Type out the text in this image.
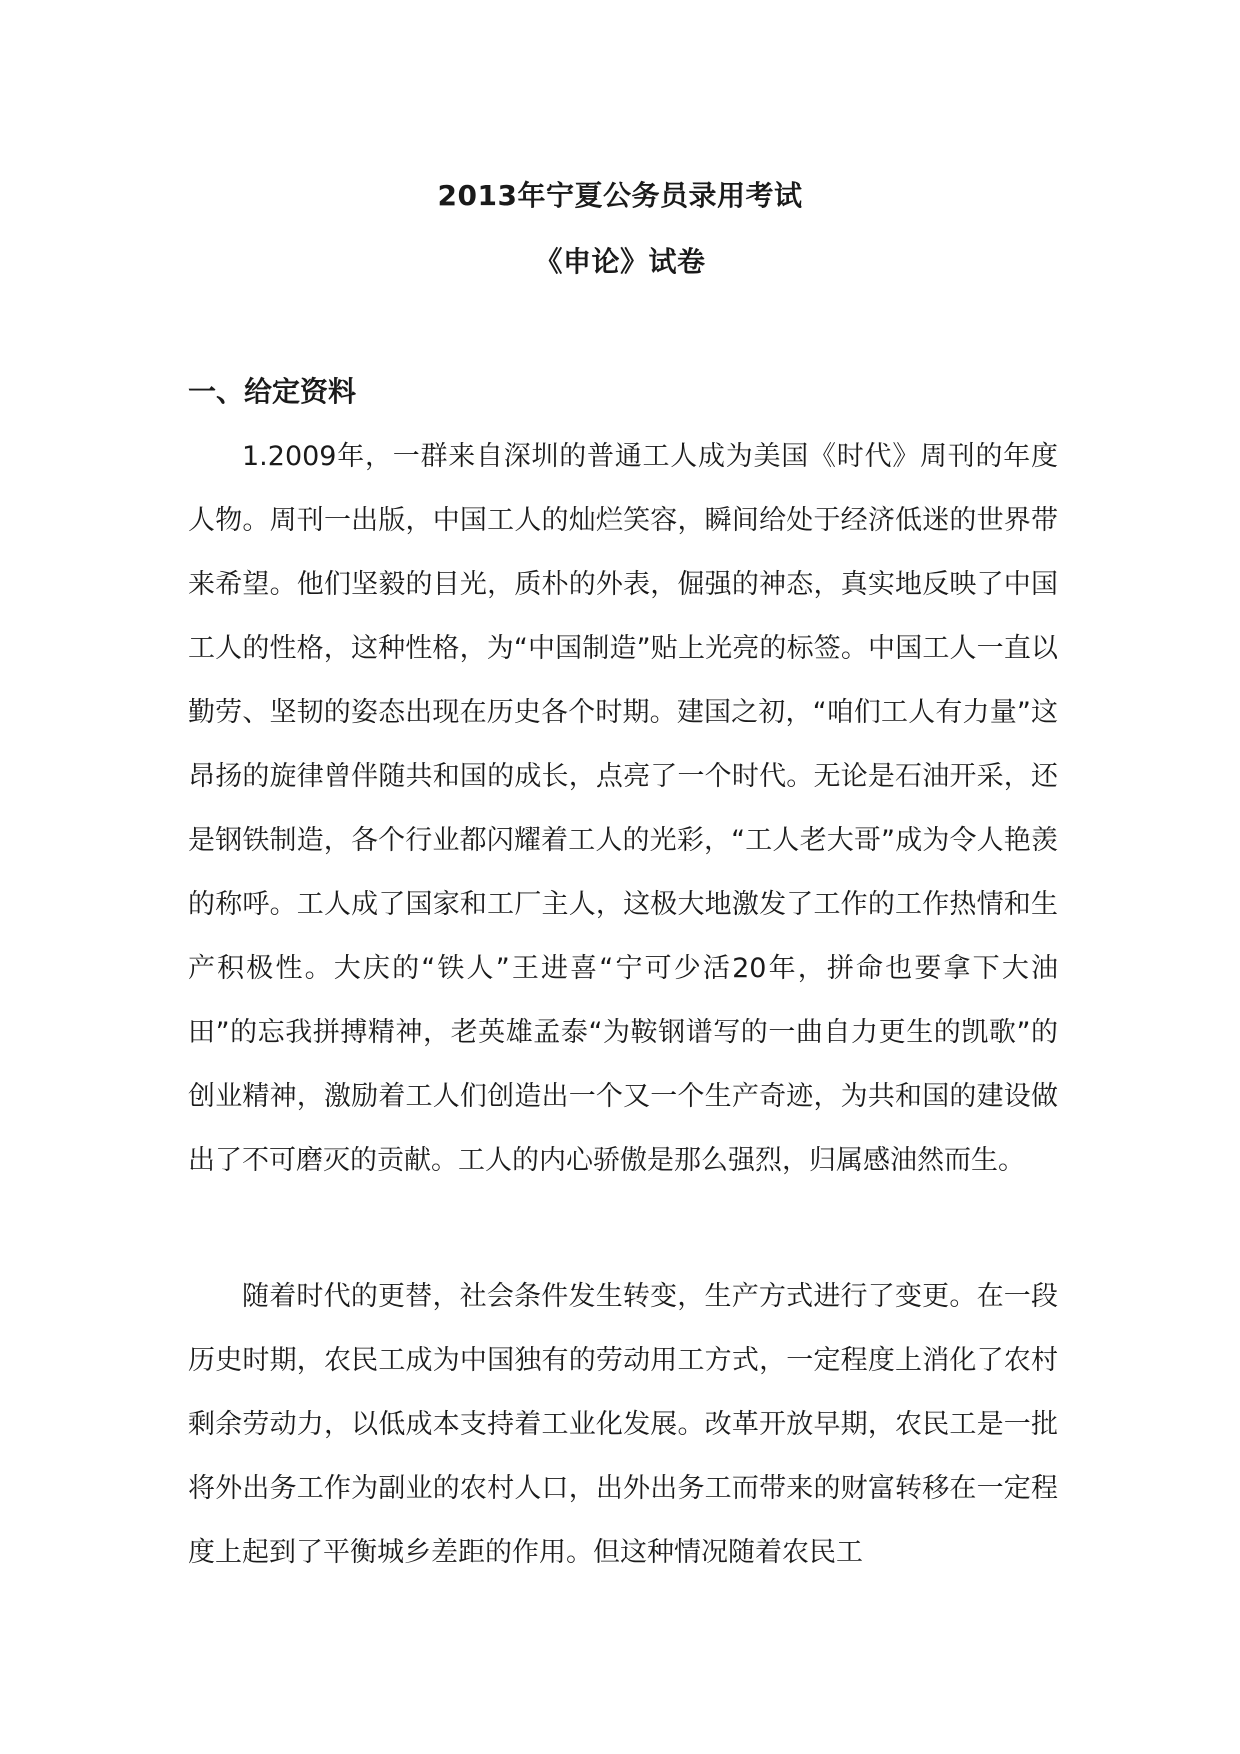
2013年宁夏公务员录用考试
《申论》试卷
一、给定资料

1.2009年，一群来自深圳的普通工人成为美国《时代》周刊的年度人物。周刊一出版，中国工人的灿烂笑容，瞬间给处于经济低迷的世界带来希望。他们坚毅的目光，质朴的外表，倔强的神态，真实地反映了中国工人的性格，这种性格，为“中国制造”贴上光亮的标签。中国工人一直以勤劳、坚韧的姿态出现在历史各个时期。建国之初，“咱们工人有力量”这昂扬的旋律曾伴随共和国的成长，点亮了一个时代。无论是石油开采，还是钢铁制造，各个行业都闪耀着工人的光彩，“工人老大哥”成为令人艳羡的称呼。工人成了国家和工厂主人，这极大地激发了工作的工作热情和生产积极性。大庆的“铁人”王进喜“宁可少活20年，拼命也要拿下大油田”的忘我拼搏精神，老英雄孟泰“为鞍钢谱写的一曲自力更生的凯歌”的创业精神，激励着工人们创造出一个又一个生产奇迹，为共和国的建设做出了不可磨灭的贡献。工人的内心骄傲是那么强烈，归属感油然而生。

随着时代的更替，社会条件发生转变，生产方式进行了变更。在一段历史时期，农民工成为中国独有的劳动用工方式，一定程度上消化了农村剩余劳动力，以低成本支持着工业化发展。改革开放早期，农民工是一批将外出务工作为副业的农村人口，出外出务工而带来的财富转移在一定程度上起到了平衡城乡差距的作用。但这种情况随着农民工
